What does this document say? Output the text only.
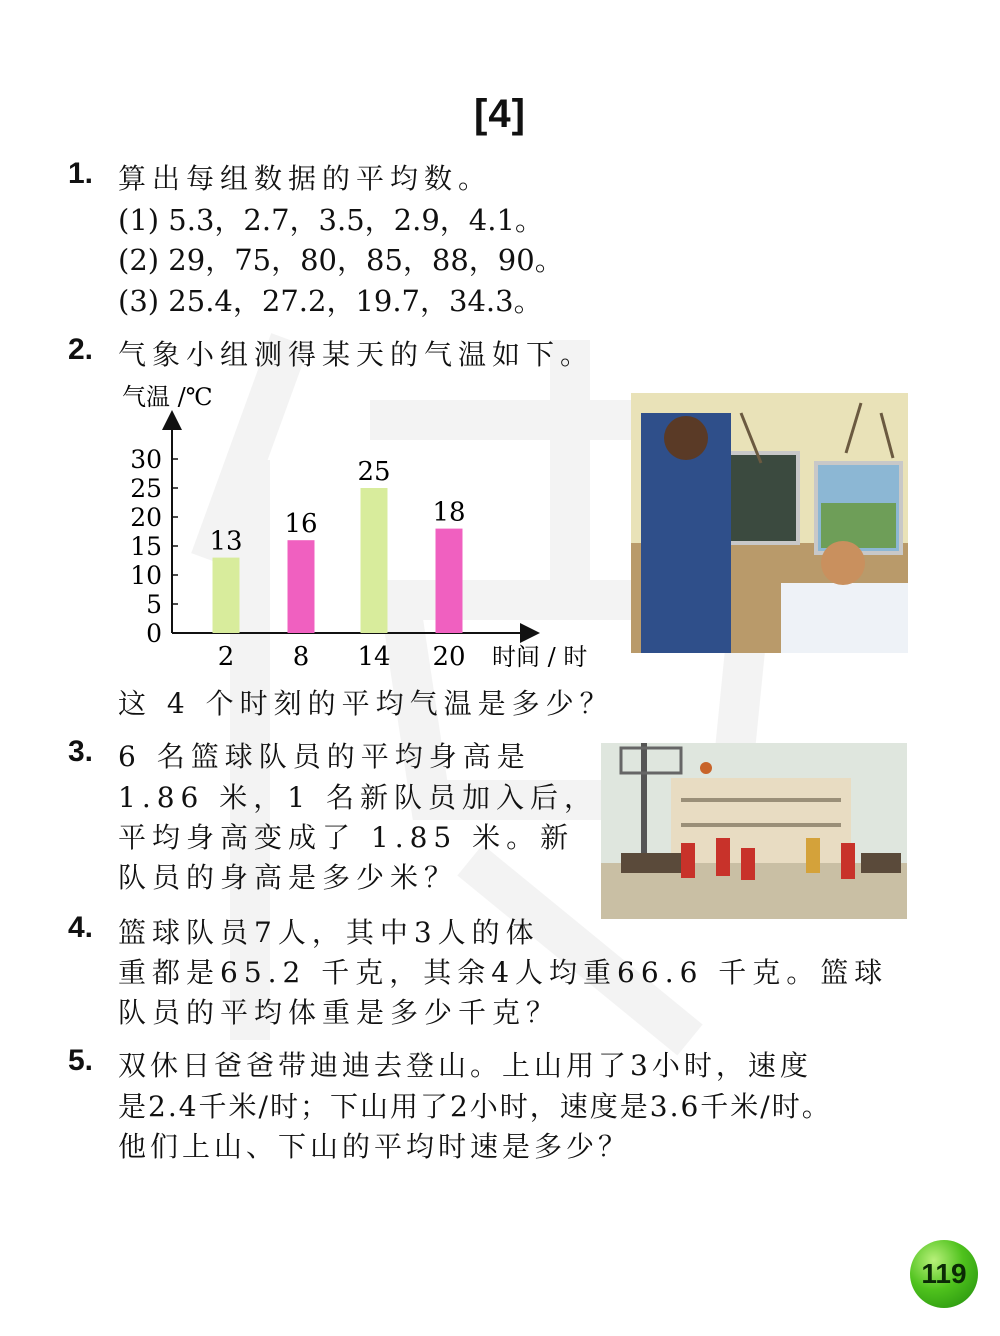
[4]
1. 算出每组数据的平均数。
(1) 5.3，2.7，3.5，2.9，4.1。
(2) 29，75，80，85，88，90。
(3) 25.4，27.2，19.7，34.3。
2. 气象小组测得某天的气温如下。
气温 /℃
0
5
10
15
20
25
30
13
2
16
8
25
14
18
20 时间 / 时
这 4 个时刻的平均气温是多少？
3. 6 名篮球队员的平均身高是
1.86 米，1 名新队员加入后，
平均身高变成了 1.85 米。新
队员的身高是多少米？
4. 篮球队员7人，其中3人的体
重都是65.2 千克，其余4人均重66.6 千克。篮球
队员的平均体重是多少千克？
5. 双休日爸爸带迪迪去登山。上山用了3小时，速度
是2.4千米/时；下山用了2小时，速度是3.6千米/时。
他们上山、下山的平均时速是多少？
119
